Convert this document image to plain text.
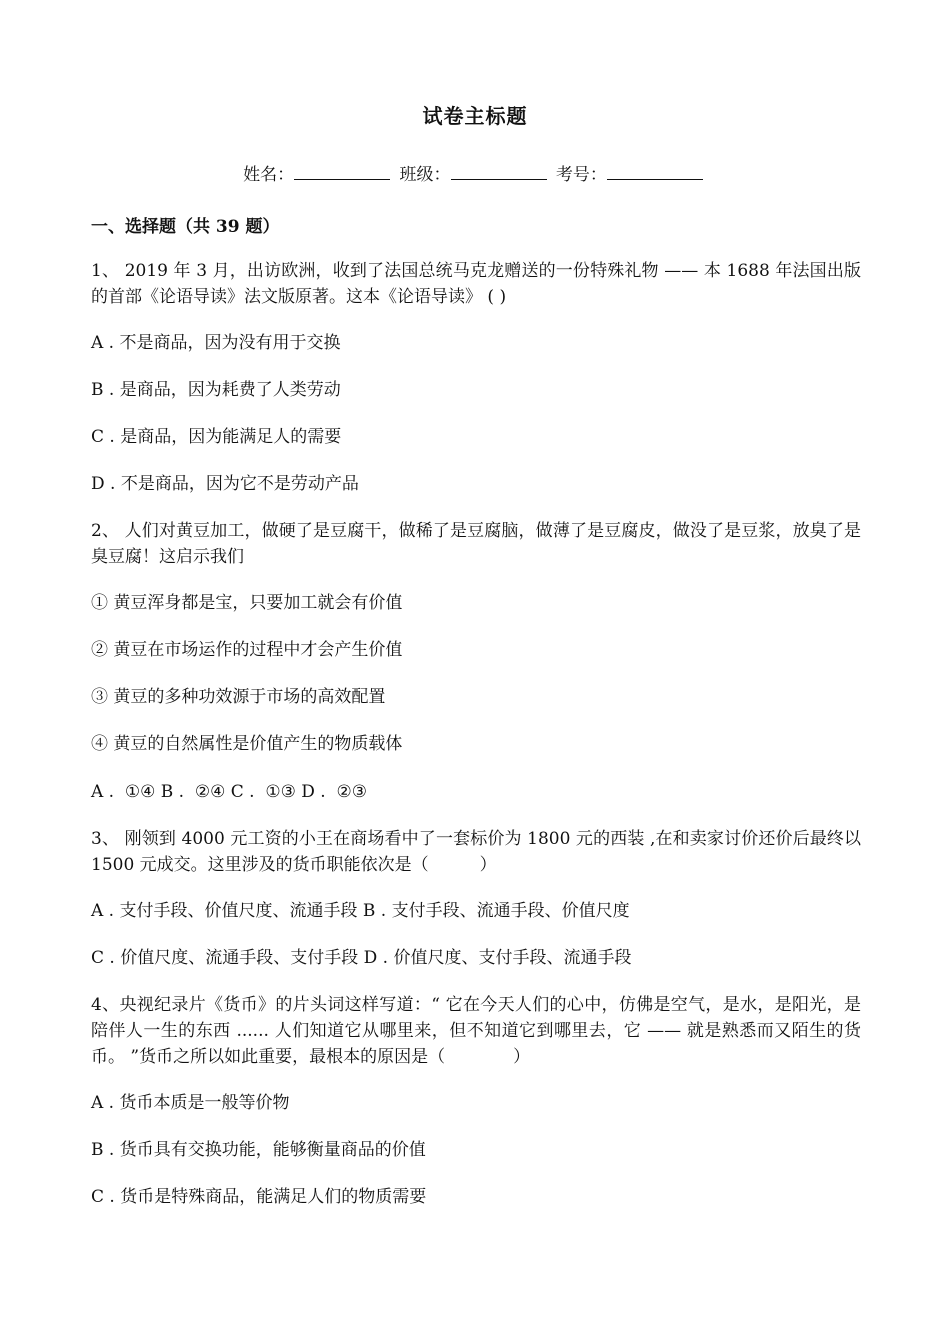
试卷主标题
姓名：	班级：	考号：
一、选择题（共 39 题）
1、 2019 年 3 月，出访欧洲，收到了法国总统马克龙赠送的一份特殊礼物 —— 本 1688 年法国出版的首部《论语导读》法文版原著。这本《论语导读》 ( )
A . 不是商品，因为没有用于交换
B . 是商品，因为耗费了人类劳动
C . 是商品，因为能满足人的需要
D . 不是商品，因为它不是劳动产品
2、 人们对黄豆加工，做硬了是豆腐干，做稀了是豆腐脑，做薄了是豆腐皮，做没了是豆浆，放臭了是臭豆腐！这启示我们
① 黄豆浑身都是宝，只要加工就会有价值
② 黄豆在市场运作的过程中才会产生价值
③ 黄豆的多种功效源于市场的高效配置
④ 黄豆的自然属性是价值产生的物质载体
A .  ①④ B .  ②④ C .  ①③ D .  ②③
3、 刚领到 4000 元工资的小王在商场看中了一套标价为 1800 元的西装 ,在和卖家讨价还价后最终以 1500 元成交。这里涉及的货币职能依次是（　　　）
A . 支付手段、价值尺度、流通手段 B . 支付手段、流通手段、价值尺度
C . 价值尺度、流通手段、支付手段 D . 价值尺度、支付手段、流通手段
4、央视纪录片《货币》的片头词这样写道：“ 它在今天人们的心中，仿佛是空气，是水，是阳光，是陪伴人一生的东西 ...... 人们知道它从哪里来，但不知道它到哪里去，它 —— 就是熟悉而又陌生的货币。 ”货币之所以如此重要，最根本的原因是（　　　　）
A . 货币本质是一般等价物
B . 货币具有交换功能，能够衡量商品的价值
C . 货币是特殊商品，能满足人们的物质需要
